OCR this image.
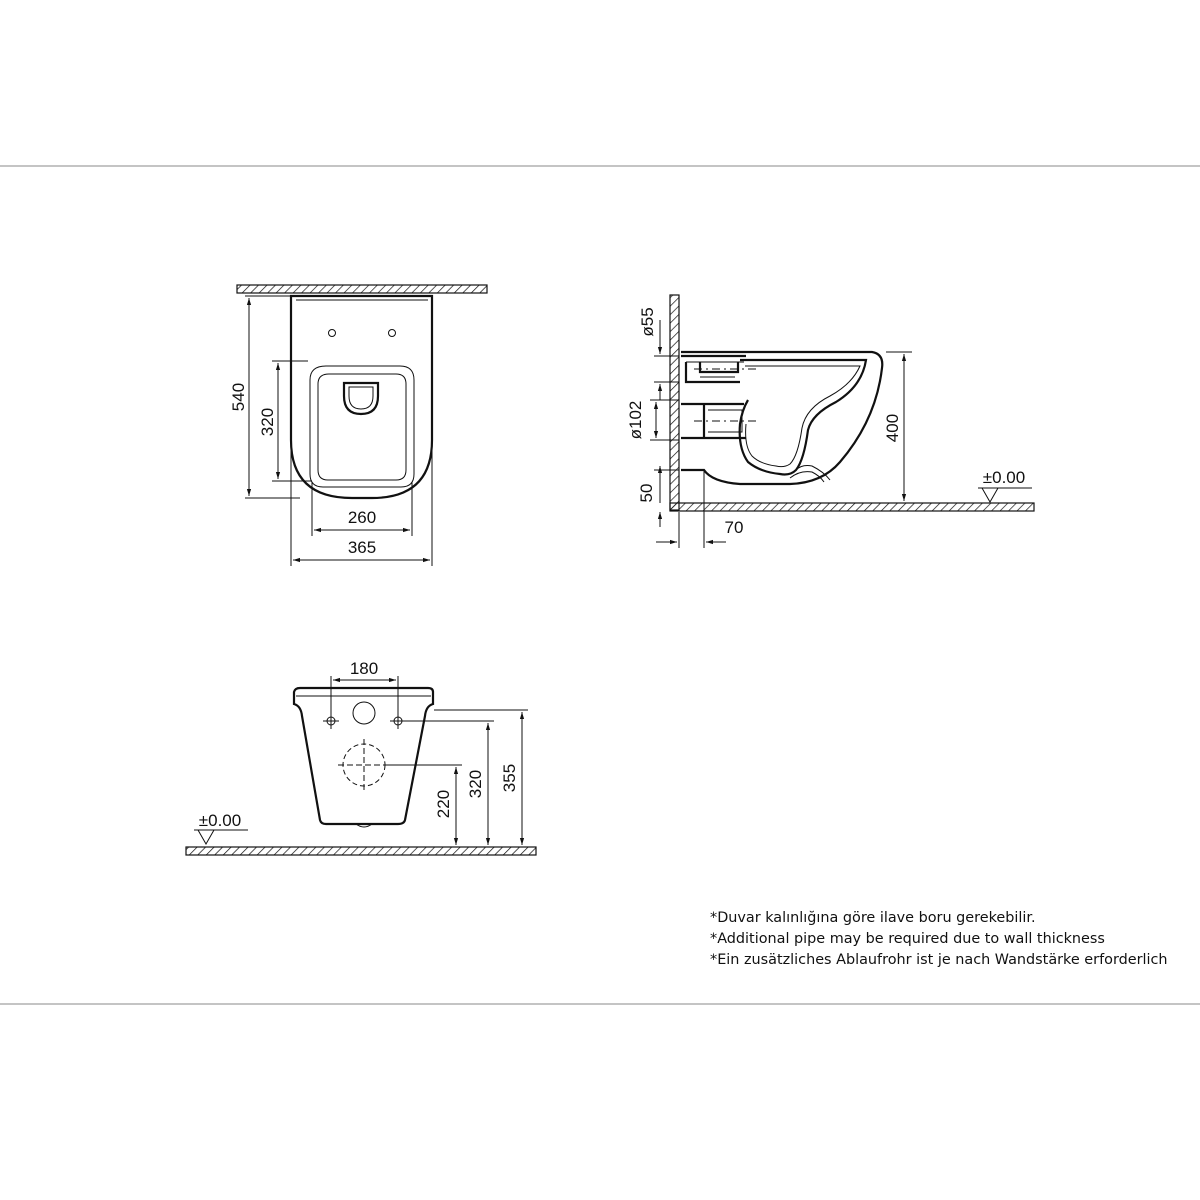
540
320
260
365
ø55
ø102
50
70
400
±0.00
180
220
320 355
±0.00
*Duvar kalınlığına göre ilave boru gerekebilir.
*Additional pipe may be required due to wall thickness
*Ein zusätzliches Ablaufrohr ist je nach Wandstärke erforderlich
